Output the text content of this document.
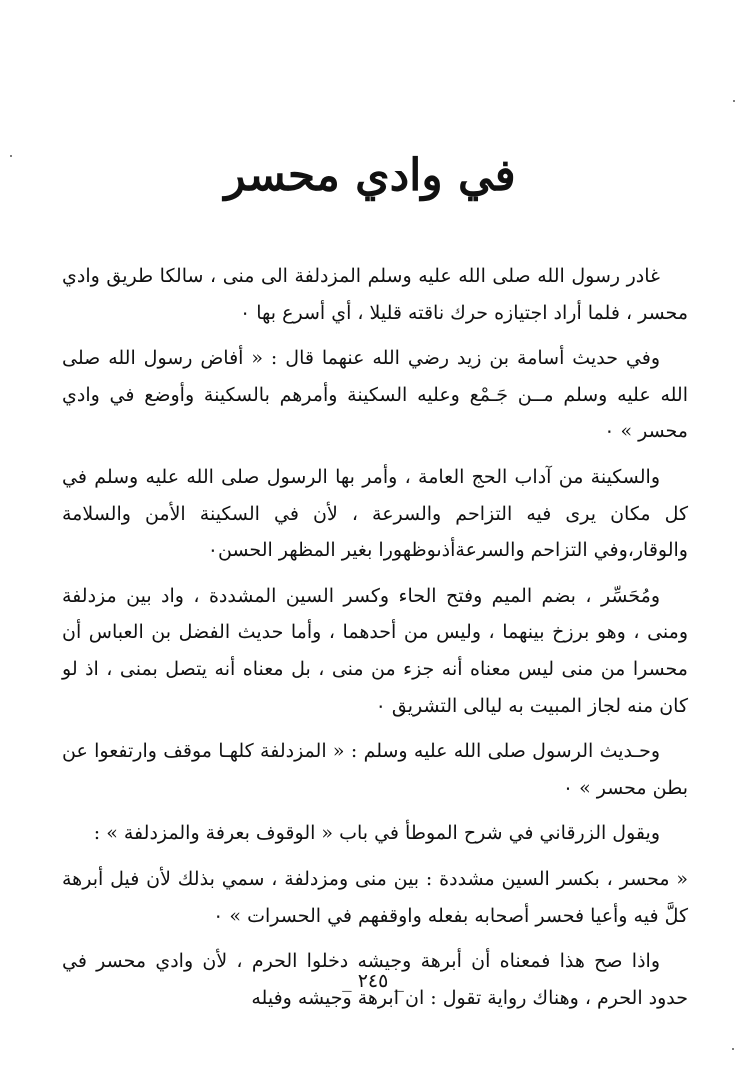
في وادي محسر

غادر رسول الله صلى الله عليه وسلم المزدلفة الى منى ، سالكا طريق وادي محسر ، فلما أراد اجتيازه حرك ناقته قليلا ، أي أسرع بها ٠

وفي حديث أسامة بن زيد رضي الله عنهما قال : « أفاض رسول الله صلى الله عليه وسلم مــن جَـمْع وعليه السكينة وأمرهم بالسكينة وأوضع في وادي محسر » ٠

والسكينة من آداب الحج العامة ، وأمر بها الرسول صلى الله عليه وسلم في كل مكان يرى فيه التزاحم والسرعة ، لأن في السكينة الأمن والسلامة والوقار،وفي التزاحم والسرعةأذىوظهورا بغير المظهر الحسن٠

ومُحَسِّر ، بضم الميم وفتح الحاء وكسر السين المشددة ، واد بين مزدلفة ومنى ، وهو برزخ بينهما ، وليس من أحدهما ، وأما حديث الفضل بن العباس أن محسرا من منى ليس معناه أنه جزء من منى ، بل معناه أنه يتصل بمنى ، اذ لو كان منه لجاز المبيت به ليالى التشريق ٠

وحـديث الرسول صلى الله عليه وسلم : « المزدلفة كلهـا موقف وارتفعوا عن بطن محسر » ٠

ويقول الزرقاني في شرح الموطأ في باب « الوقوف بعرفة والمزدلفة » :

« محسر ، بكسر السين مشددة : بين منى ومزدلفة ، سمي بذلك لأن فيل أبرهة كلَّ فيه وأعيا فحسر أصحابه بفعله واوقفهم في الحسرات » ٠

واذا صح هذا فمعناه أن أبرهة وجيشه دخلوا الحرم ، لأن وادي محسر في حدود الحرم ، وهناك رواية تقول : ان ابرهة وجيشه وفيله

_ ٢٤٥ _
